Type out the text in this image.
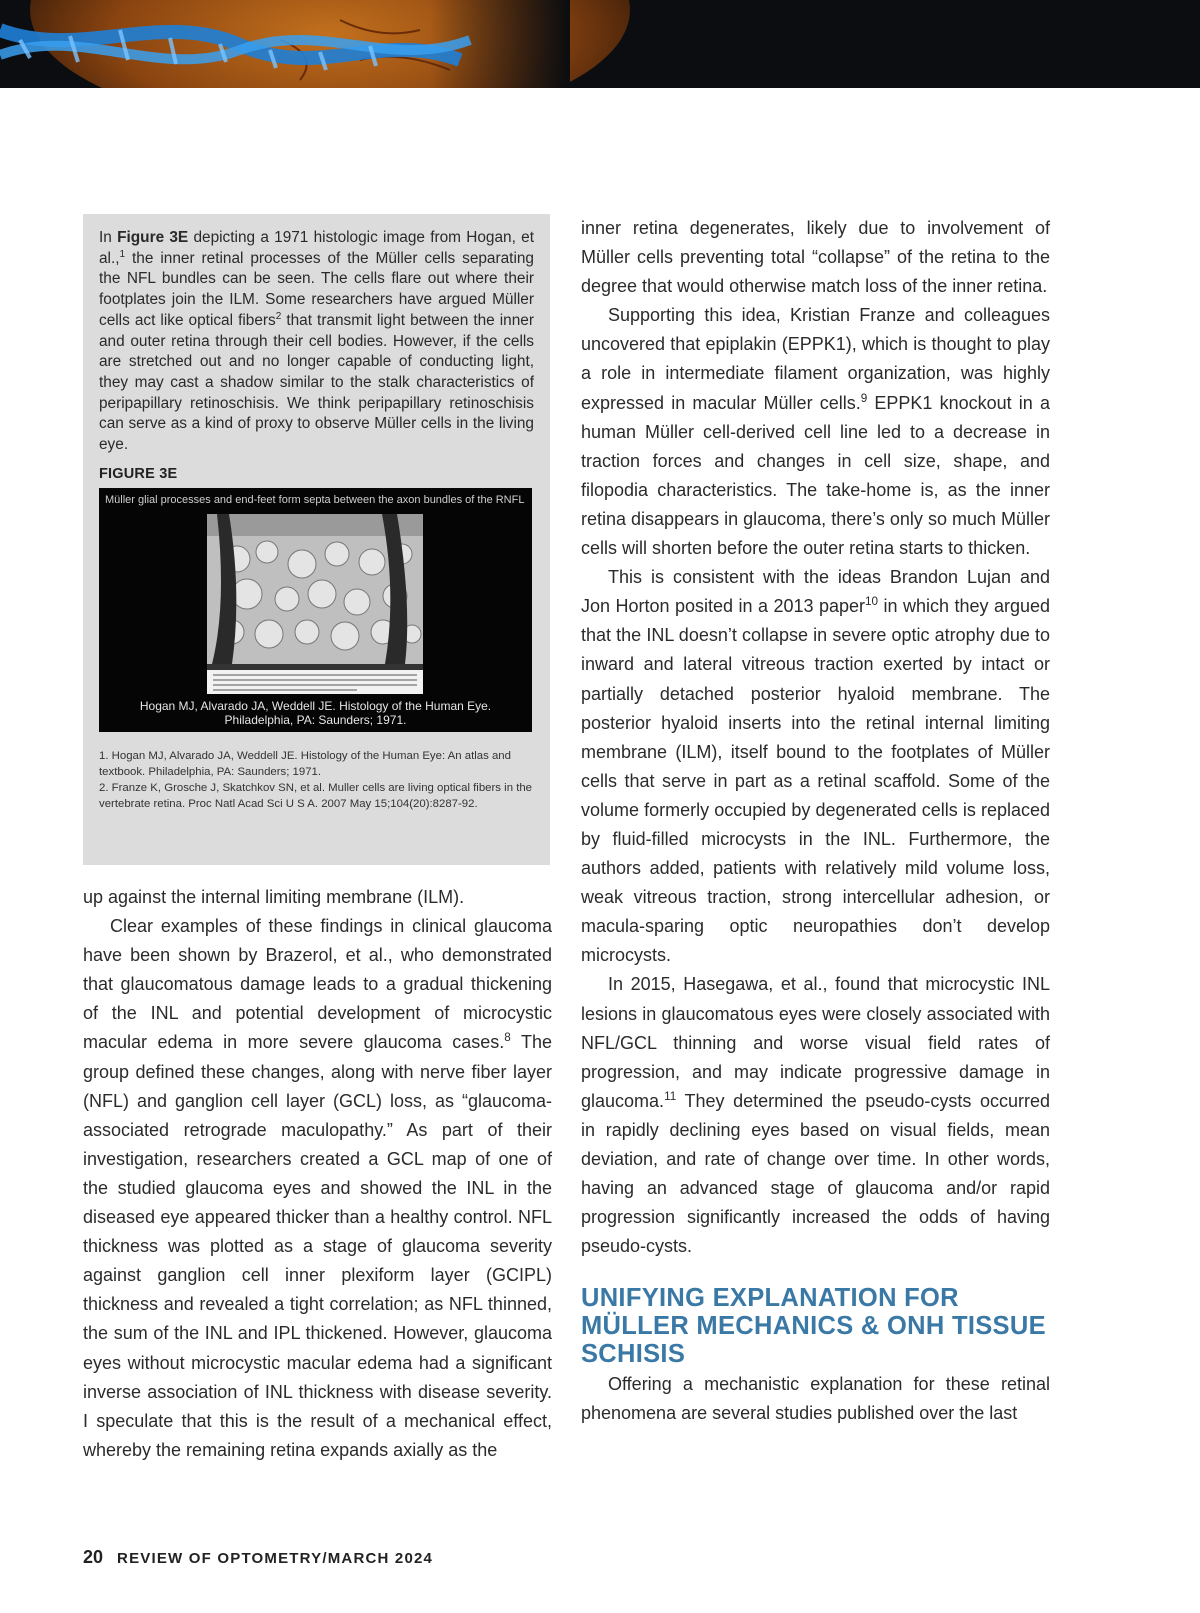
In Figure 3E depicting a 1971 histologic image from Hogan, et al.,$^1$ the inner retinal processes of the Müller cells separating the NFL bundles can be seen. The cells flare out where their footplates join the ILM. Some researchers have argued Müller cells act like optical fibers$^2$ that transmit light between the inner and outer retina through their cell bodies. However, if the cells are stretched out and no longer capable of conducting light, they may cast a shadow similar to the stalk characteristics of peripapillary retinoschisis. We think peripapillary retinoschisis can serve as a kind of proxy to observe Müller cells in the living eye.

FIGURE 3E
Müller glial processes and end-feet form septa between the axon bundles of the RNFL
Hogan MJ, Alvarado JA, Weddell JE. Histology of the Human Eye.
Philadelphia, PA: Saunders; 1971.

1. Hogan MJ, Alvarado JA, Weddell JE. Histology of the Human Eye: An atlas and textbook. Philadelphia, PA: Saunders; 1971.

2. Franze K, Grosche J, Skatchkov SN, et al. Muller cells are living optical fibers in the vertebrate retina. Proc Natl Acad Sci U S A. 2007 May 15;104(20):8287-92.

up against the internal limiting membrane (ILM).

Clear examples of these findings in clinical glaucoma have been shown by Brazerol, et al., who demonstrated that glaucomatous damage leads to a gradual thickening of the INL and potential development of microcystic macular edema in more severe glaucoma cases.$^8$ The group defined these changes, along with nerve fiber layer (NFL) and ganglion cell layer (GCL) loss, as “glaucoma-associated retrograde maculopathy.” As part of their investigation, researchers created a GCL map of one of the studied glaucoma eyes and showed the INL in the diseased eye appeared thicker than a healthy control. NFL thickness was plotted as a stage of glaucoma severity against ganglion cell inner plexiform layer (GCIPL) thickness and revealed a tight correlation; as NFL thinned, the sum of the INL and IPL thickened. However, glaucoma eyes without microcystic macular edema had a significant inverse association of INL thickness with disease severity. I speculate that this is the result of a mechanical effect, whereby the remaining retina expands axially as the

inner retina degenerates, likely due to involvement of Müller cells preventing total “collapse” of the retina to the degree that would otherwise match loss of the inner retina.

Supporting this idea, Kristian Franze and colleagues uncovered that epiplakin (EPPK1), which is thought to play a role in intermediate filament organization, was highly expressed in macular Müller cells.$^9$ EPPK1 knockout in a human Müller cell-derived cell line led to a decrease in traction forces and changes in cell size, shape, and filopodia characteristics. The take-home is, as the inner retina disappears in glaucoma, there’s only so much Müller cells will shorten before the outer retina starts to thicken.

This is consistent with the ideas Brandon Lujan and Jon Horton posited in a 2013 paper$^{10}$ in which they argued that the INL doesn’t collapse in severe optic atrophy due to inward and lateral vitreous traction exerted by intact or partially detached posterior hyaloid membrane. The posterior hyaloid inserts into the retinal internal limiting membrane (ILM), itself bound to the footplates of Müller cells that serve in part as a retinal scaffold. Some of the volume formerly occupied by degenerated cells is replaced by fluid-filled microcysts in the INL. Furthermore, the authors added, patients with relatively mild volume loss, weak vitreous traction, strong intercellular adhesion, or macula-sparing optic neuropathies don’t develop microcysts.

In 2015, Hasegawa, et al., found that microcystic INL lesions in glaucomatous eyes were closely associated with NFL/GCL thinning and worse visual field rates of progression, and may indicate progressive damage in glaucoma.$^{11}$ They determined the pseudo-cysts occurred in rapidly declining eyes based on visual fields, mean deviation, and rate of change over time. In other words, having an advanced stage of glaucoma and/or rapid progression significantly increased the odds of having pseudo-cysts.

UNIFYING EXPLANATION FOR MÜLLER MECHANICS & ONH TISSUE SCHISIS

Offering a mechanistic explanation for these retinal phenomena are several studies published over the last

20 REVIEW OF OPTOMETRY/MARCH 2024
